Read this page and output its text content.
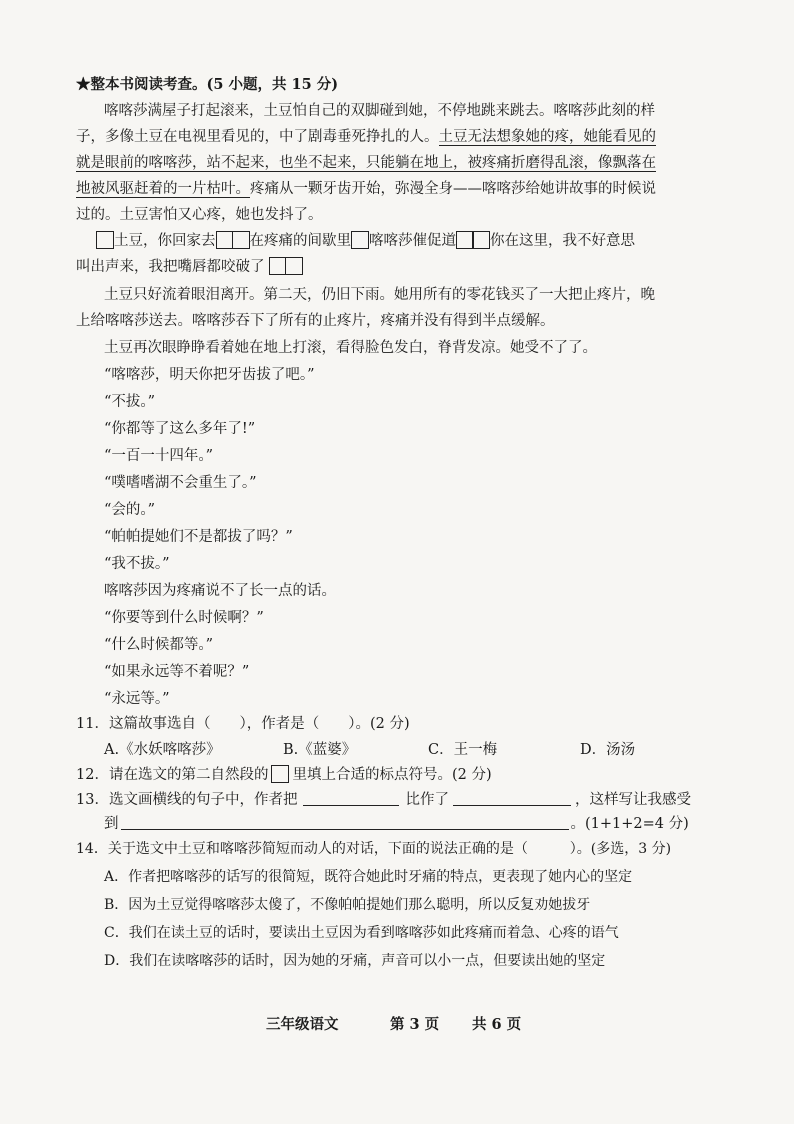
★整本书阅读考查。(5 小题，共 15 分)
喀喀莎满屋子打起滚来，土豆怕自己的双脚碰到她，不停地跳来跳去。喀喀莎此刻的样
子，多像土豆在电视里看见的，中了剧毒垂死挣扎的人。土豆无法想象她的疼，她能看见的
就是眼前的喀喀莎，站不起来，也坐不起来，只能躺在地上，被疼痛折磨得乱滚，像飘落在
地被风驱赶着的一片枯叶。疼痛从一颗牙齿开始，弥漫全身——喀喀莎给她讲故事的时候说
过的。土豆害怕又心疼，她也发抖了。
土豆，你回家去 在疼痛的间歇里 喀喀莎催促道 你在这里，我不好意思
叫出声来，我把嘴唇都咬破了
土豆只好流着眼泪离开。第二天，仍旧下雨。她用所有的零花钱买了一大把止疼片，晚
上给喀喀莎送去。喀喀莎吞下了所有的止疼片，疼痛并没有得到半点缓解。
土豆再次眼睁睁看着她在地上打滚，看得脸色发白，脊背发凉。她受不了了。
“喀喀莎，明天你把牙齿拔了吧。”
“不拔。”
“你都等了这么多年了!”
“一百一十四年。”
“噗嗜嗜湖不会重生了。”
“会的。”
“帕帕提她们不是都拔了吗？”
“我不拔。”
喀喀莎因为疼痛说不了长一点的话。
“你要等到什么时候啊？”
“什么时候都等。”
“如果永远等不着呢？”
“永远等。”
11．这篇故事选自（　　），作者是（　　）。(2 分)
A.《水妖喀喀莎》	B.《蓝婆》	C．王一梅	D．汤汤
12．请在选文的第二自然段的 里填上合适的标点符号。(2 分)
13．选文画横线的句子中，作者把	比作了	，这样写让我感受
到	。(1+1+2=4 分)
14．关于选文中土豆和喀喀莎简短而动人的对话，下面的说法正确的是（　　　）。(多选，3 分)
A．作者把喀喀莎的话写的很简短，既符合她此时牙痛的特点，更表现了她内心的坚定
B．因为土豆觉得喀喀莎太傻了，不像帕帕提她们那么聪明，所以反复劝她拔牙
C．我们在读土豆的话时，要读出土豆因为看到喀喀莎如此疼痛而着急、心疼的语气
D．我们在读喀喀莎的话时，因为她的牙痛，声音可以小一点，但要读出她的坚定
三年级语文	第 3 页 共 6 页
